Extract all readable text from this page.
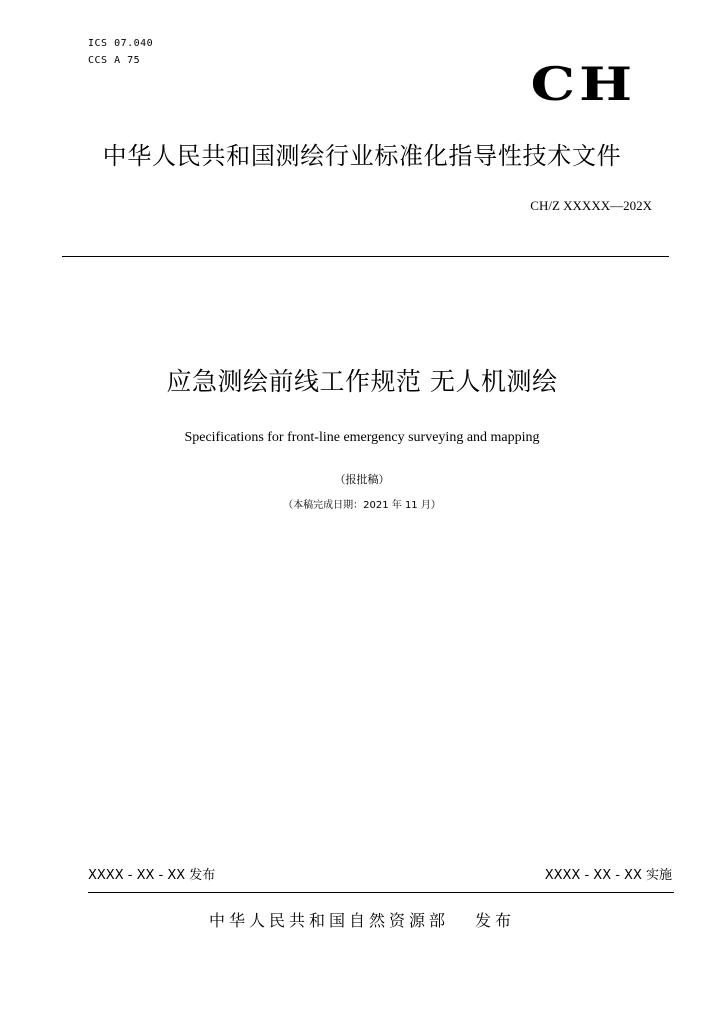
ICS 07.040
CCS A 75	CH
中华人民共和国测绘行业标准化指导性技术文件
CH/Z XXXXX—202X
应急测绘前线工作规范 无人机测绘
Specifications for front-line emergency surveying and mapping
（报批稿）
（本稿完成日期：2021 年 11 月）
XXXX - XX - XX 发布	XXXX - XX - XX 实施
中华人民共和国自然资源部 发布
